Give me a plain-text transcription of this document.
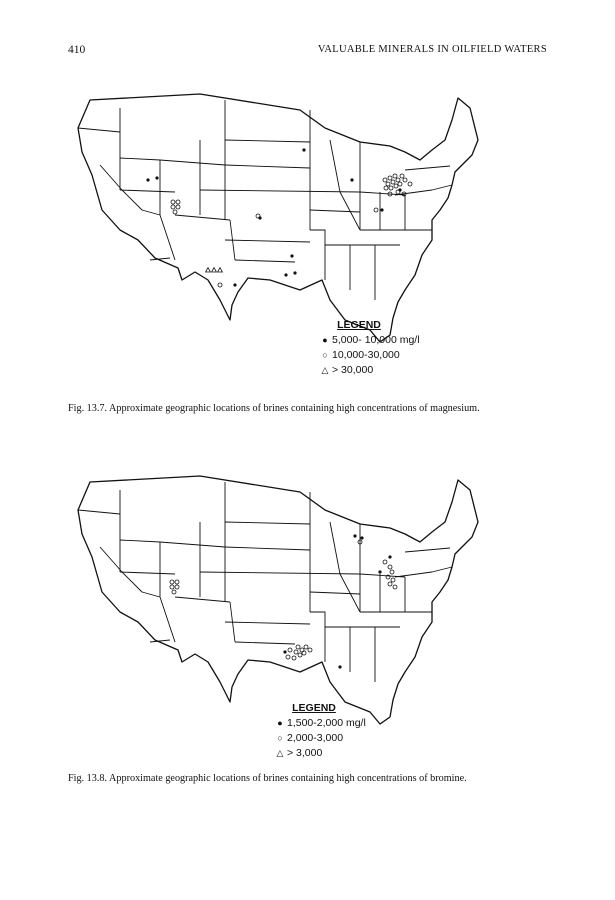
410	VALUABLE MINERALS IN OILFIELD WATERS
LEGEND
● 5,000- 10,000 mg/l
○ 10,000-30,000
△ > 30,000
Fig. 13.7. Approximate geographic locations of brines containing high concentrations of magnesium.
LEGEND
● 1,500-2,000 mg/l
○ 2,000-3,000
△ > 3,000
Fig. 13.8. Approximate geographic locations of brines containing high concentrations of bromine.
